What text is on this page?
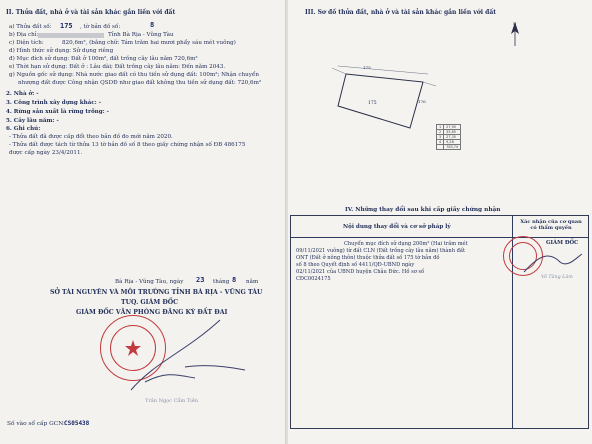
II. Thửa đất, nhà ở và tài sản khác gắn liền với đất
a) Thửa đất số: 175 , tờ bản đồ số:	8
b) Địa chỉ:	Tỉnh Bà Rịa - Vũng Tàu
c) Diện tích:	820,6m², (bằng chữ: Tám trăm hai mươi phẩy sáu mét vuông)
d) Hình thức sử dụng: Sử dụng riêng
đ) Mục đích sử dụng: Đất ở 100m², đất trồng cây lâu năm 720,6m²
e) Thời hạn sử dụng: Đất ở : Lâu dài; Đất trồng cây lâu năm: Đến năm 2043.
g) Nguồn gốc sử dụng: Nhà nước giao đất có thu tiền sử dụng đất: 100m²; Nhận chuyển
nhượng đất được Công nhận QSDĐ như giao đất không thu tiền sử dụng đất: 720,6m²
2. Nhà ở: -
3. Công trình xây dựng khác: -
4. Rừng sản xuất là rừng trồng: -
5. Cây lâu năm: -
6. Ghi chú:
- Thửa đất đã được cấp đổi theo bản đồ đo mới năm 2020.
- Thửa đất được tách từ thửa 13 tờ bản đồ số 8 theo giấy chứng nhận số ĐB 486175
được cấp ngày 23/4/2011.
Bà Rịa - Vũng Tàu, ngày 23 tháng 8 năm
SỞ TÀI NGUYÊN VÀ MÔI TRƯỜNG TỈNH BÀ RỊA - VŨNG TÀU
TUQ. GIÁM ĐỐC
GIÁM ĐỐC VĂN PHÒNG ĐĂNG KÝ ĐẤT ĐAI
Trần Ngọc Cẩm Tiền
Số vào sổ cấp GCN:
CS05438
III. Sơ đồ thửa đất, nhà ở và tài sản khác gắn liền với đất
N
175
176
175
1	27,90
2	35,65
3	27,35
4	9,28
	783,74
IV. Những thay đổi sau khi cấp giấy chứng nhận
Nội dung thay đổi và cơ sở pháp lý
Xác nhận của cơ quan có thẩm quyền
Chuyển mục đích sử dụng 200m² (Hai trăm mét
09/11/2021 vuông) từ đất CLN (Đất trồng cây lâu năm) thành đất
ONT (Đất ở nông thôn) thuộc thửa đất số 175 tờ bản đồ
số 8 theo Quyết định số 4411/QĐ-UBND ngày
02/11/2021 của UBND huyện Châu Đức. Hồ sơ số
CĐC0024175
GIÁM ĐỐC
Võ Tăng Lâm
